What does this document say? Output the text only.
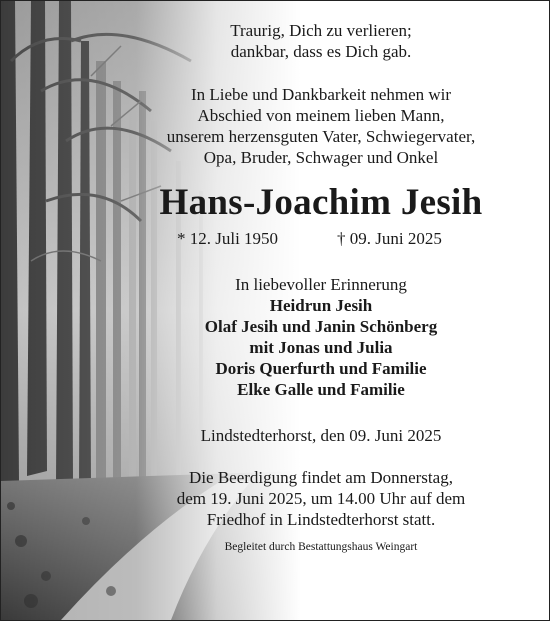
Traurig, Dich zu verlieren;
dankbar, dass es Dich gab.
In Liebe und Dankbarkeit nehmen wir
Abschied von meinem lieben Mann,
unserem herzensguten Vater, Schwiegervater,
Opa, Bruder, Schwager und Onkel
Hans-Joachim Jesih
* 12. Juli 1950	† 09. Juni 2025
In liebevoller Erinnerung
Heidrun Jesih
Olaf Jesih und Janin Schönberg
mit Jonas und Julia
Doris Querfurth und Familie
Elke Galle und Familie
Lindstedterhorst, den 09. Juni 2025
Die Beerdigung findet am Donnerstag,
dem 19. Juni 2025, um 14.00 Uhr auf dem
Friedhof in Lindstedterhorst statt.
Begleitet durch Bestattungshaus Weingart
